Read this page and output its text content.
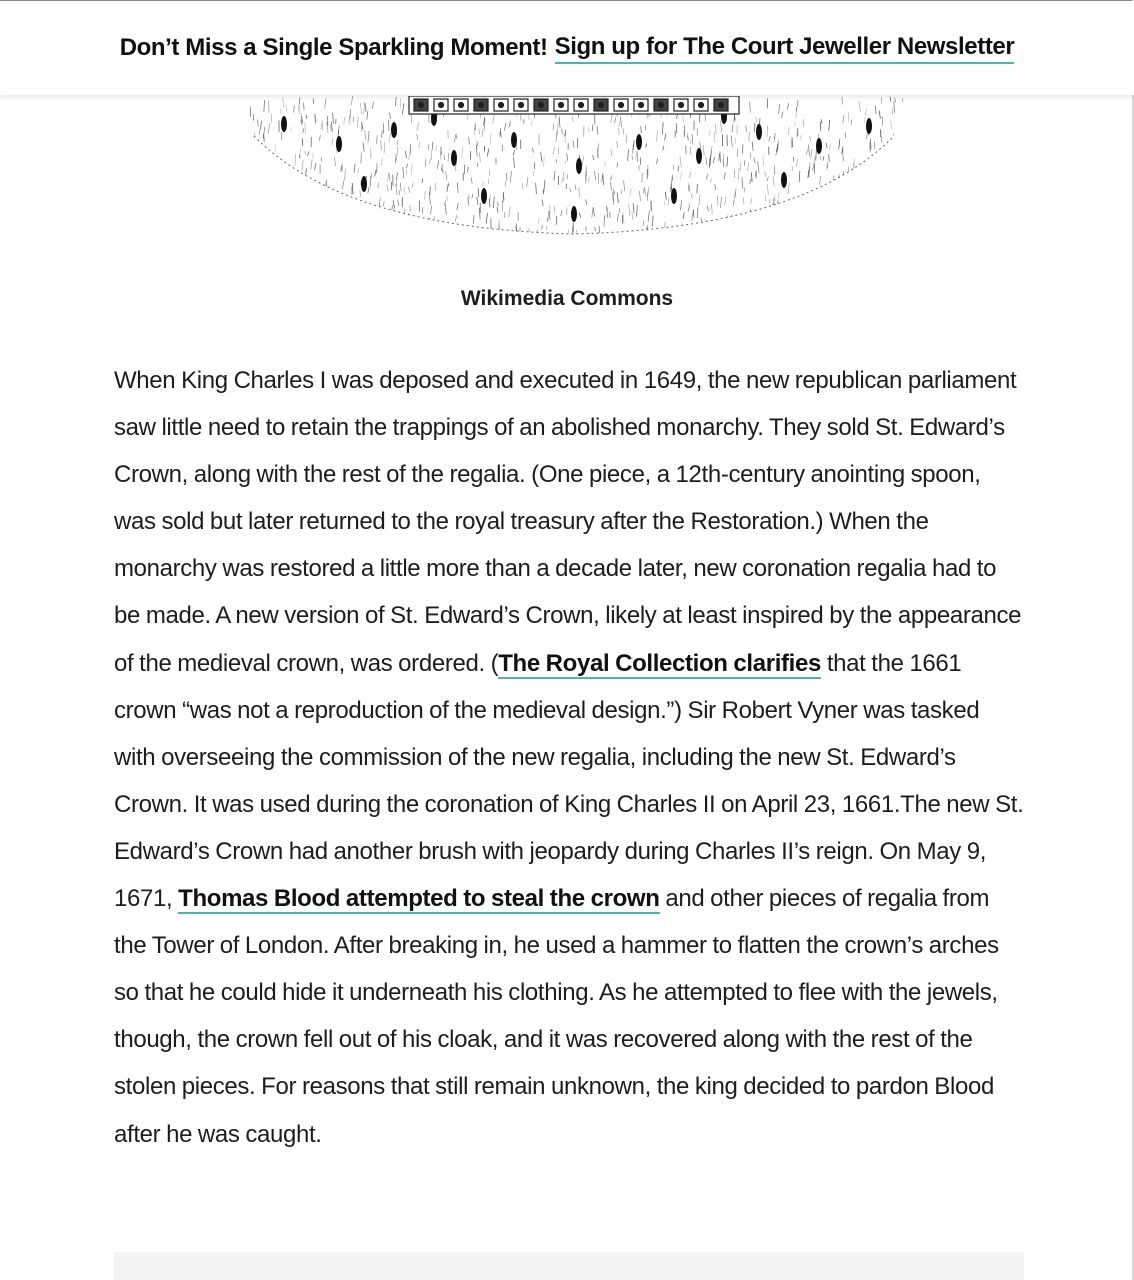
Don’t Miss a Single Sparkling Moment! Sign up for The Court Jeweller Newsletter
Wikimedia Commons

When King Charles I was deposed and executed in 1649, the new republican parliament saw little need to retain the trappings of an abolished monarchy. They sold St. Edward’s Crown, along with the rest of the regalia. (One piece, a 12th-century anointing spoon, was sold but later returned to the royal treasury after the Restoration.) When the monarchy was restored a little more than a decade later, new coronation regalia had to be made. A new version of St. Edward’s Crown, likely at least inspired by the appearance of the medieval crown, was ordered. (The Royal Collection clarifies that the 1661 crown “was not a reproduction of the medieval design.”) Sir Robert Vyner was tasked with overseeing the commission of the new regalia, including the new St. Edward’s Crown. It was used during the coronation of King Charles II on April 23, 1661.The new St. Edward’s Crown had another brush with jeopardy during Charles II’s reign. On May 9, 1671, Thomas Blood attempted to steal the crown and other pieces of regalia from the Tower of London. After breaking in, he used a hammer to flatten the crown’s arches so that he could hide it underneath his clothing. As he attempted to flee with the jewels, though, the crown fell out of his cloak, and it was recovered along with the rest of the stolen pieces. For reasons that still remain unknown, the king decided to pardon Blood after he was caught.
